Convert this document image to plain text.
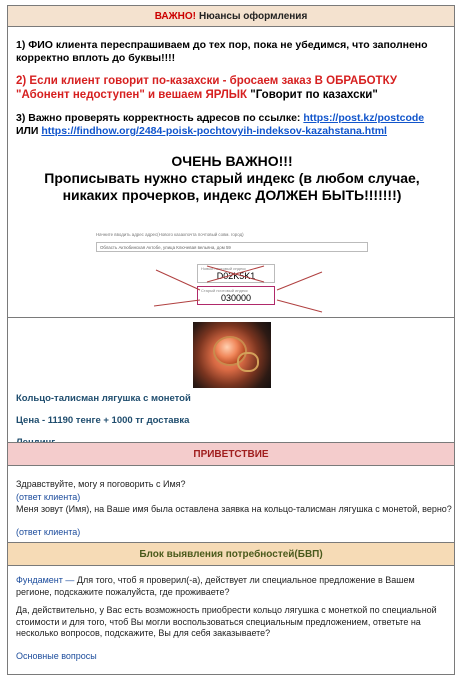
ВАЖНО! Нюансы оформления
1) ФИО клиента переспрашиваем до тех пор, пока не убедимся, что заполнено корректно вплоть до буквы!!!!
2) Если клиент говорит по-казахски - бросаем заказ В ОБРАБОТКУ "Абонент недоступен" и вешаем ЯРЛЫК "Говорит по казахски"
3) Важно проверять корректность адресов по ссылке: https://post.kz/postcode
ИЛИ https://findhow.org/2484-poisk-pochtovyih-indeksov-kazahstana.html
ОЧЕНЬ ВАЖНО!!!
Прописывать нужно старый индекс (в любом случае,
никаких прочерков, индекс ДОЛЖЕН БЫТЬ!!!!!!!)
Начните вводить адрес адрес(Нового казахпочта почтовый совм. город)
Область Актюбинская Актобе, улица Ключевая вельяна, дом 59
Новый почтовый индекс
D02K5K1
Старый почтовый индекс
030000
Кольцо-талисман лягушка с монетой
Цена - 11190 тенге + 1000 тг доставка
ПРИВЕТСТВИЕ
Здравствуйте, могу я поговорить с Имя?
(ответ клиента)
Меня зовут (Имя), на Ваше имя была оставлена заявка на кольцо-талисман лягушка с монетой, верно?
(ответ клиента)
Блок выявления потребностей(БВП)
Фундамент — Для того, чтоб я проверил(-а), действует ли специальное предложение в Вашем регионе, подскажите пожалуйста, где проживаете?
Да, действительно, у Вас есть возможность приобрести кольцо лягушка с монеткой по специальной стоимости и для того, чтоб Вы могли воспользоваться специальным предложением, ответьте на несколько вопросов, подскажите, Вы для себя заказываете?
Основные вопросы
